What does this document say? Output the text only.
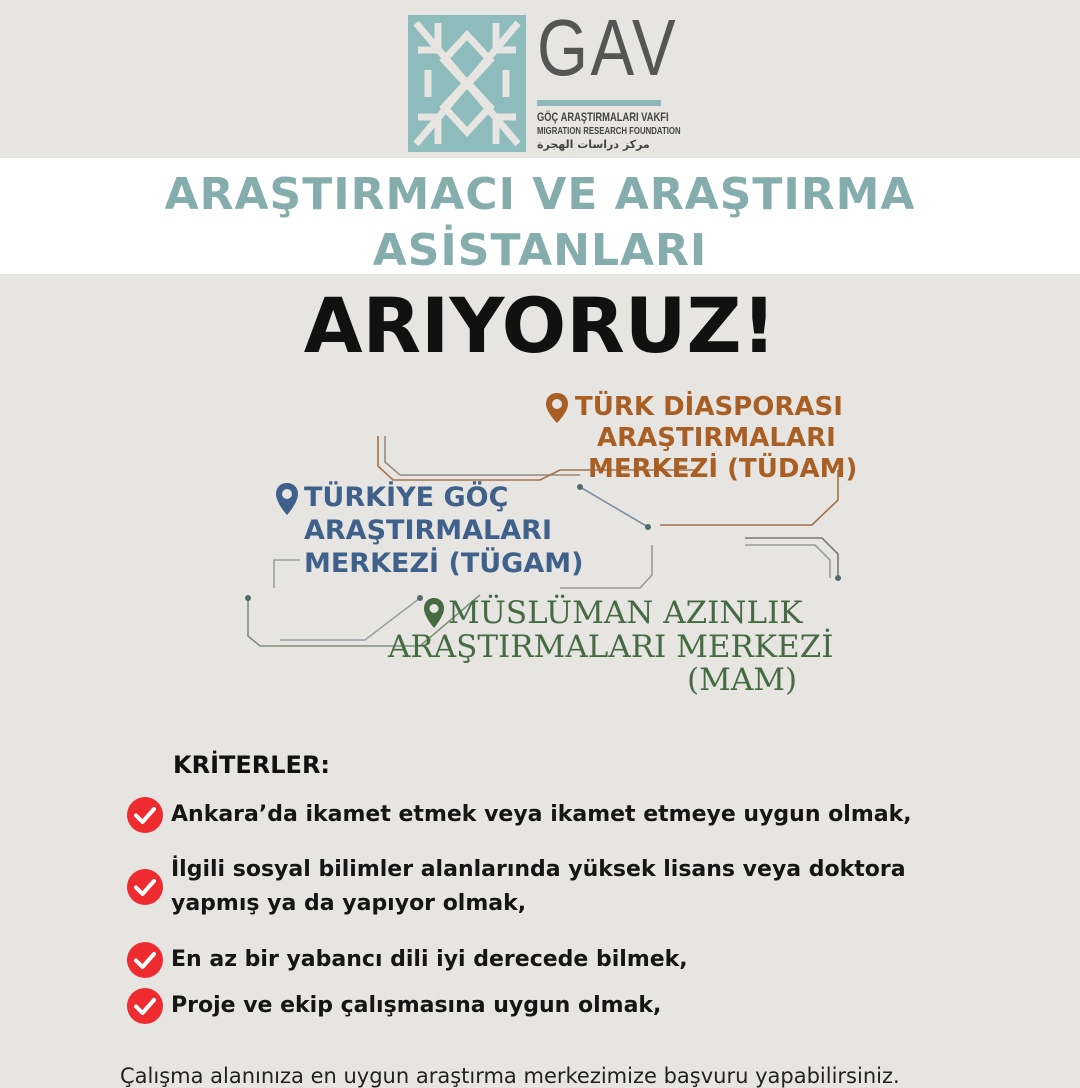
GAV
GÖÇ ARAŞTIRMALARI VAKFI
MIGRATION RESEARCH FOUNDATION
مركز دراسات الهجرة
ARAŞTIRMACI VE ARAŞTIRMA
ASİSTANLARI
ARIYORUZ!
TÜRK DİASPORASI
ARAŞTIRMALARI
MERKEZİ (TÜDAM)
TÜRKİYE GÖÇ
ARAŞTIRMALARI
MERKEZİ (TÜGAM)
MÜSLÜMAN AZINLIK
ARAŞTIRMALARI MERKEZİ
(MAM)
KRİTERLER:
Ankara’da ikamet etmek veya ikamet etmeye uygun olmak,
İlgili sosyal bilimler alanlarında yüksek lisans veya doktora
yapmış ya da yapıyor olmak,
En az bir yabancı dili iyi derecede bilmek,
Proje ve ekip çalışmasına uygun olmak,
Çalışma alanınıza en uygun araştırma merkezimize başvuru yapabilirsiniz.
